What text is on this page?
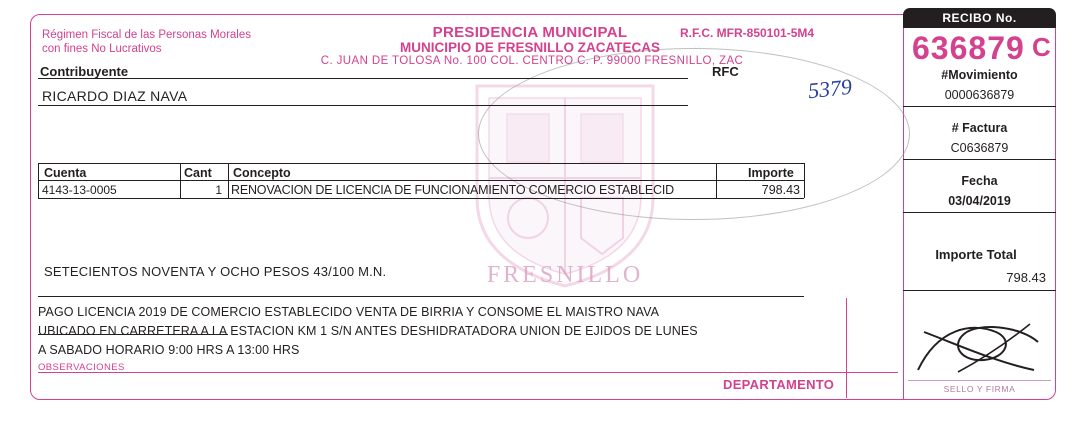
RECIBO No.
Régimen Fiscal de las Personas Morales con fines No Lucrativos
PRESIDENCIA MUNICIPAL
MUNICIPIO DE FRESNILLO ZACATECAS
C. JUAN DE TOLOSA No. 100 COL. CENTRO C. P. 99000 FRESNILLO, ZAC
R.F.C. MFR-850101-5M4	636879 C
FRESNILLO
Contribuyente
RICARDO DIAZ NAVA
RFC
5379
Cuenta	Cant Concepto	Importe
4143-13-0005	1 RENOVACION DE LICENCIA DE FUNCIONAMIENTO COMERCIO ESTABLECID	798.43
SETECIENTOS NOVENTA Y OCHO PESOS 43/100 M.N.
PAGO LICENCIA 2019 DE COMERCIO ESTABLECIDO VENTA DE BIRRIA Y CONSOME EL MAISTRO NAVA
UBICADO EN CARRETERA A LA ESTACION KM 1 S/N ANTES DESHIDRATADORA UNION DE EJIDOS DE LUNES
A SABADO HORARIO 9:00 HRS A 13:00 HRS
OBSERVACIONES
DEPARTAMENTO
#Movimiento
0000636879
# Factura
C0636879
Fecha
03/04/2019
Importe Total
798.43
SELLO Y FIRMA
